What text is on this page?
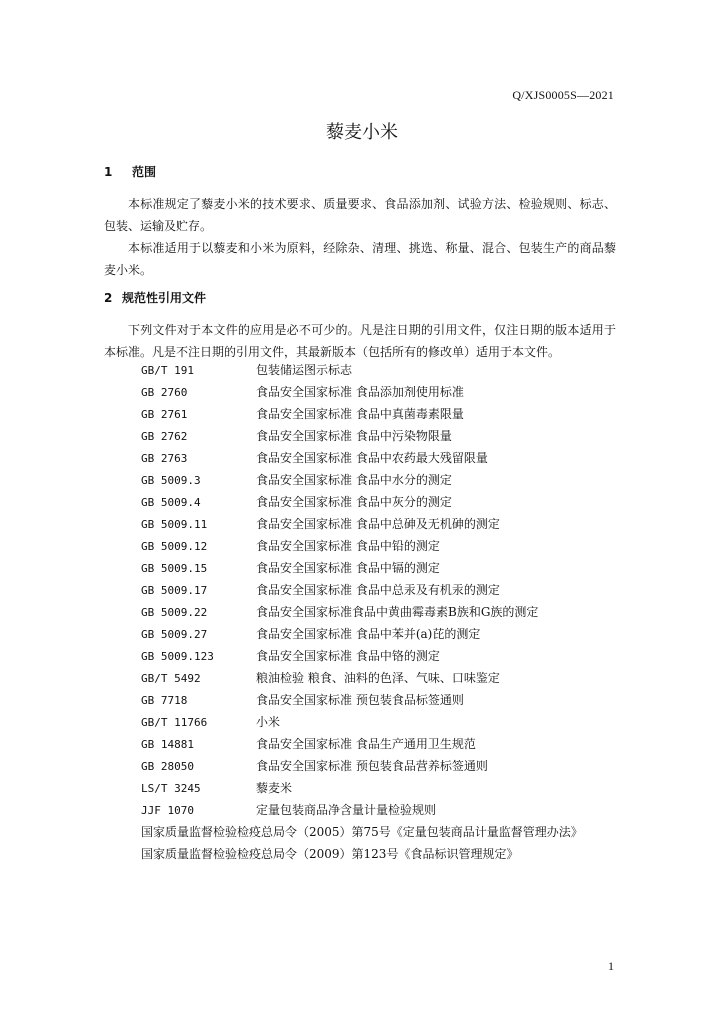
Q/XJS0005S—2021
藜麦小米
1 范围
本标准规定了藜麦小米的技术要求、质量要求、食品添加剂、试验方法、检验规则、标志、包装、运输及贮存。
本标准适用于以藜麦和小米为原料，经除杂、清理、挑选、称量、混合、包装生产的商品藜麦小米。
2 规范性引用文件
下列文件对于本文件的应用是必不可少的。凡是注日期的引用文件，仅注日期的版本适用于本标准。凡是不注日期的引用文件，其最新版本（包括所有的修改单）适用于本文件。
GB/T 191	包装储运图示标志
GB 2760	食品安全国家标准 食品添加剂使用标准
GB 2761	食品安全国家标准 食品中真菌毒素限量
GB 2762	食品安全国家标准 食品中污染物限量
GB 2763	食品安全国家标准 食品中农药最大残留限量
GB 5009.3	食品安全国家标准 食品中水分的测定
GB 5009.4	食品安全国家标准 食品中灰分的测定
GB 5009.11	食品安全国家标准 食品中总砷及无机砷的测定
GB 5009.12	食品安全国家标准 食品中铅的测定
GB 5009.15	食品安全国家标准 食品中镉的测定
GB 5009.17	食品安全国家标准 食品中总汞及有机汞的测定
GB 5009.22	食品安全国家标准食品中黄曲霉毒素B族和G族的测定
GB 5009.27	食品安全国家标准 食品中苯并(a)芘的测定
GB 5009.123	食品安全国家标准 食品中铬的测定
GB/T 5492	粮油检验 粮食、油料的色泽、气味、口味鉴定
GB 7718	食品安全国家标准 预包装食品标签通则
GB/T 11766	小米
GB 14881	食品安全国家标准 食品生产通用卫生规范
GB 28050	食品安全国家标准 预包装食品营养标签通则
LS/T 3245	藜麦米
JJF 1070	定量包装商品净含量计量检验规则
国家质量监督检验检疫总局令（2005）第75号《定量包装商品计量监督管理办法》
国家质量监督检验检疫总局令（2009）第123号《食品标识管理规定》
1
